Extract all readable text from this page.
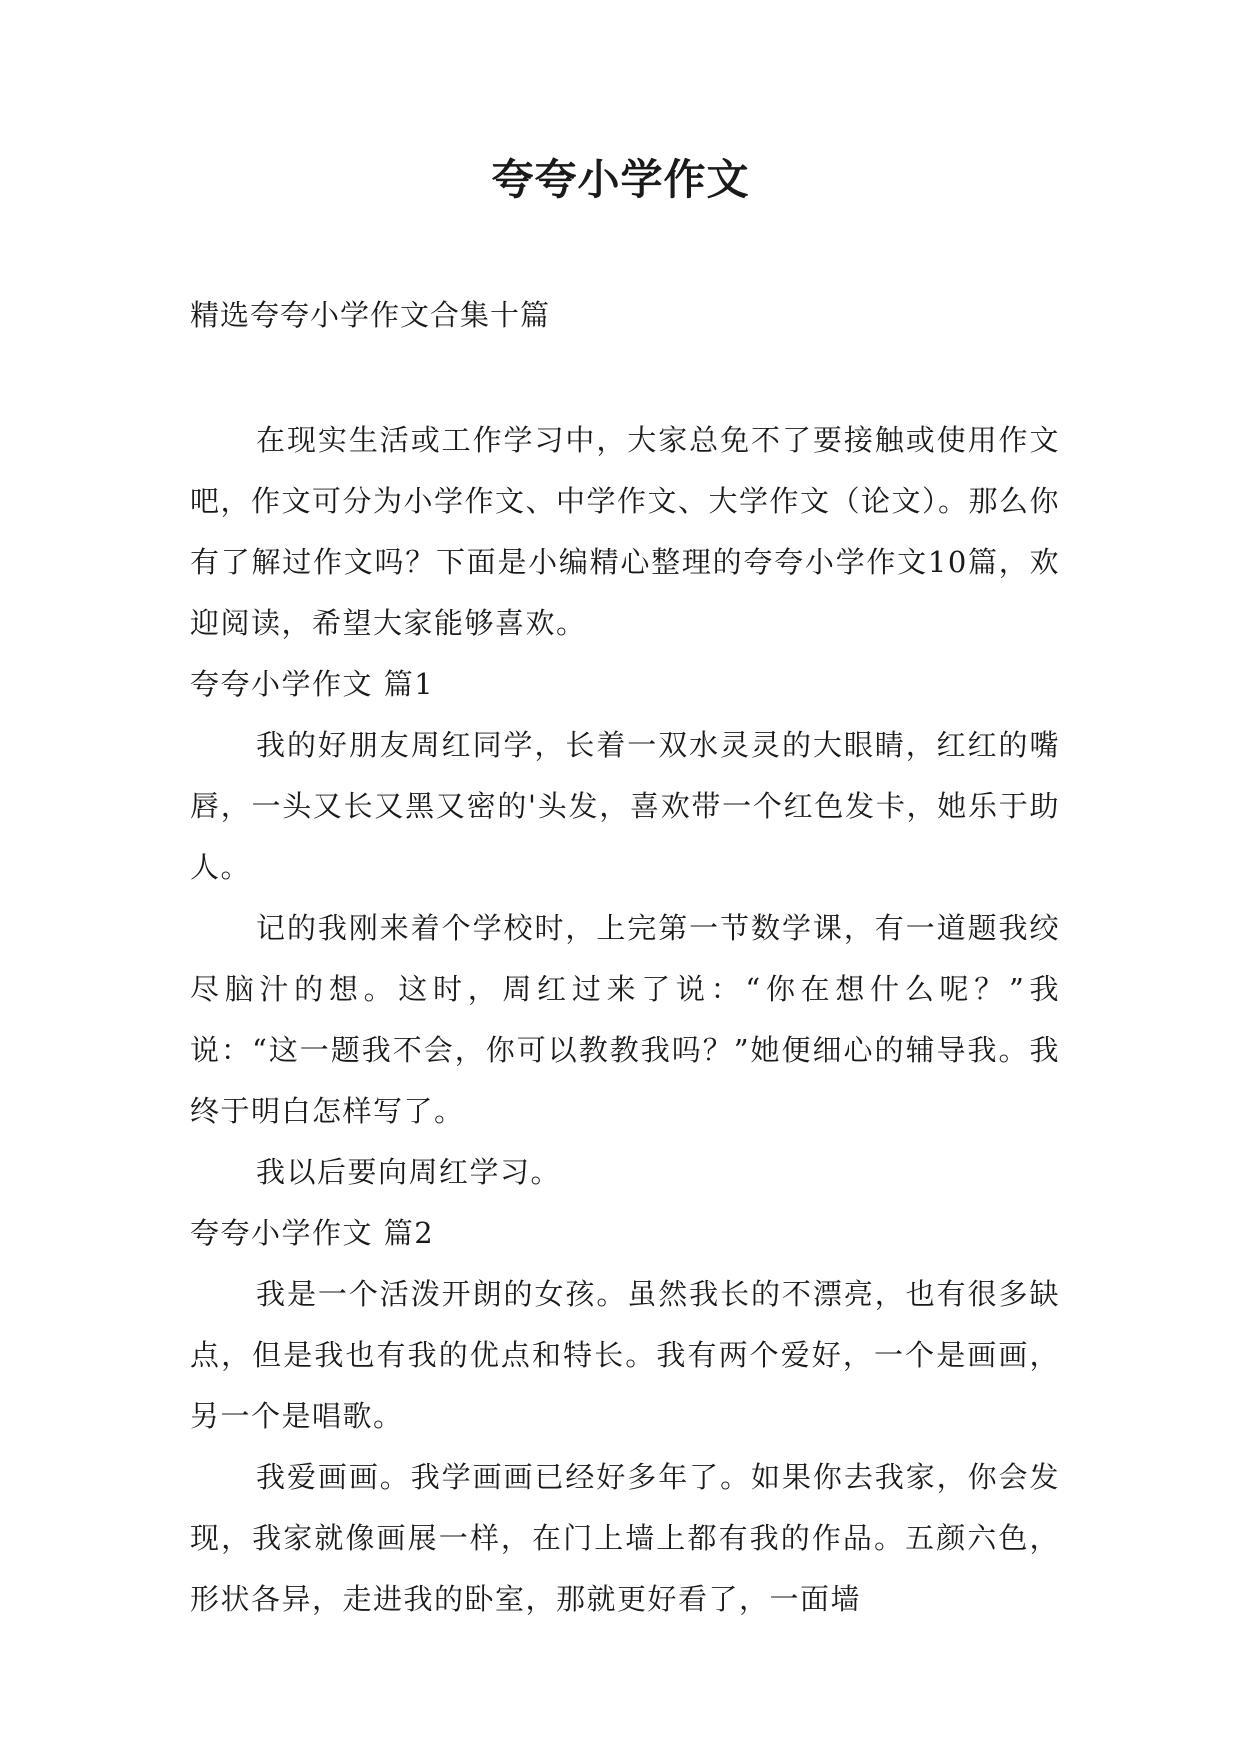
夸夸小学作文
精选夸夸小学作文合集十篇

在现实生活或工作学习中，大家总免不了要接触或使用作文吧，作文可分为小学作文、中学作文、大学作文（论文）。那么你有了解过作文吗？下面是小编精心整理的夸夸小学作文10篇，欢迎阅读，希望大家能够喜欢。

夸夸小学作文 篇1

我的好朋友周红同学，长着一双水灵灵的大眼睛，红红的嘴唇，一头又长又黑又密的'头发，喜欢带一个红色发卡，她乐于助人。

记的我刚来着个学校时，上完第一节数学课，有一道题我绞尽脑汁的想。这时，周红过来了说：“你在想什么呢？”我说：“这一题我不会，你可以教教我吗？”她便细心的辅导我。我 终于明白怎样写了。

我以后要向周红学习。

夸夸小学作文 篇2

我是一个活泼开朗的女孩。虽然我长的不漂亮，也有很多缺点，但是我也有我的优点和特长。我有两个爱好，一个是画画，另一个是唱歌。

我爱画画。我学画画已经好多年了。如果你去我家，你会发现，我家就像画展一样，在门上墙上都有我的作品。五颜六色，形状各异，走进我的卧室，那就更好看了，一面墙
